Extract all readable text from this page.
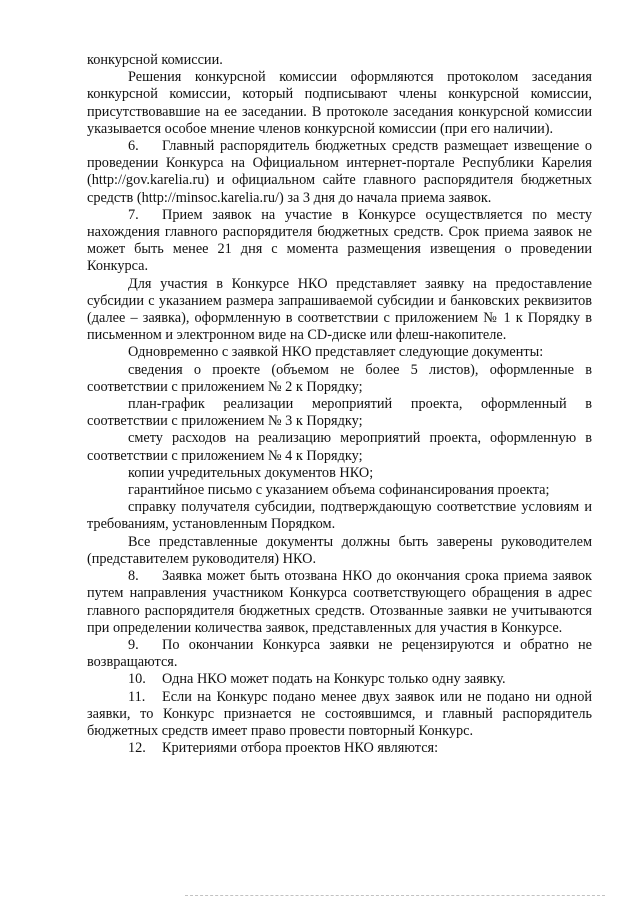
конкурсной комиссии.

Решения конкурсной комиссии оформляются протоколом заседания конкурсной комиссии, который подписывают члены конкурсной комиссии, присутствовавшие на ее заседании. В протоколе заседания конкурсной комиссии указывается особое мнение членов конкурсной комиссии (при его наличии).

6. Главный распорядитель бюджетных средств размещает извещение о проведении Конкурса на Официальном интернет-портале Республики Карелия (http://gov.karelia.ru) и официальном сайте главного распорядителя бюджетных средств (http://minsoc.karelia.ru/) за 3 дня до начала приема заявок.

7. Прием заявок на участие в Конкурсе осуществляется по месту нахождения главного распорядителя бюджетных средств. Срок приема заявок не может быть менее 21 дня с момента размещения извещения о проведении Конкурса.

Для участия в Конкурсе НКО представляет заявку на предоставление субсидии с указанием размера запрашиваемой субсидии и банковских реквизитов (далее – заявка), оформленную в соответствии с приложением № 1 к Порядку в письменном и электронном виде на CD-диске или флеш-накопителе.

Одновременно с заявкой НКО представляет следующие документы:

сведения о проекте (объемом не более 5 листов), оформленные в соответствии с приложением № 2 к Порядку;

план-график реализации мероприятий проекта, оформленный в соответствии с приложением № 3 к Порядку;

смету расходов на реализацию мероприятий проекта, оформленную в соответствии с приложением № 4 к Порядку;

копии учредительных документов НКО;

гарантийное письмо с указанием объема софинансирования проекта;

справку получателя субсидии, подтверждающую соответствие условиям и требованиям, установленным Порядком.

Все представленные документы должны быть заверены руководителем (представителем руководителя) НКО.

8. Заявка может быть отозвана НКО до окончания срока приема заявок путем направления участником Конкурса соответствующего обращения в адрес главного распорядителя бюджетных средств. Отозванные заявки не учитываются при определении количества заявок, представленных для участия в Конкурсе.

9. По окончании Конкурса заявки не рецензируются и обратно не возвращаются.

10. Одна НКО может подать на Конкурс только одну заявку.

11. Если на Конкурс подано менее двух заявок или не подано ни одной заявки, то Конкурс признается не состоявшимся, и главный распорядитель бюджетных средств имеет право провести повторный Конкурс.

12. Критериями отбора проектов НКО являются:
